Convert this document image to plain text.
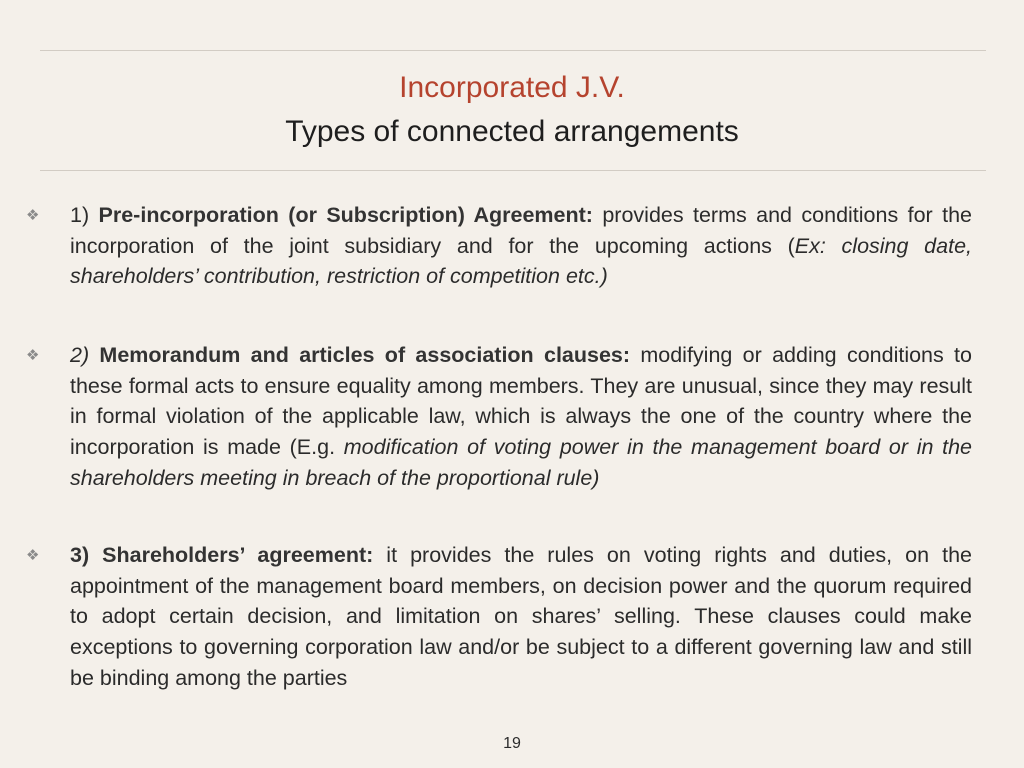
Incorporated J.V.
Types of connected arrangements
❖ 1) Pre-incorporation (or Subscription) Agreement: provides terms and conditions for the incorporation of the joint subsidiary and for the upcoming actions (Ex: closing date, shareholders’ contribution, restriction of competition etc.)
❖ 2) Memorandum and articles of association clauses: modifying or adding conditions to these formal acts to ensure equality among members. They are unusual, since they may result in formal violation of the applicable law, which is always the one of the country where the incorporation is made (E.g. modification of voting power in the management board or in the shareholders meeting in breach of the proportional rule)
❖ 3) Shareholders’ agreement: it provides the rules on voting rights and duties, on the appointment of the management board members, on decision power and the quorum required to adopt certain decision, and limitation on shares’ selling. These clauses could make exceptions to governing corporation law and/or be subject to a different governing law and still be binding among the parties
19
